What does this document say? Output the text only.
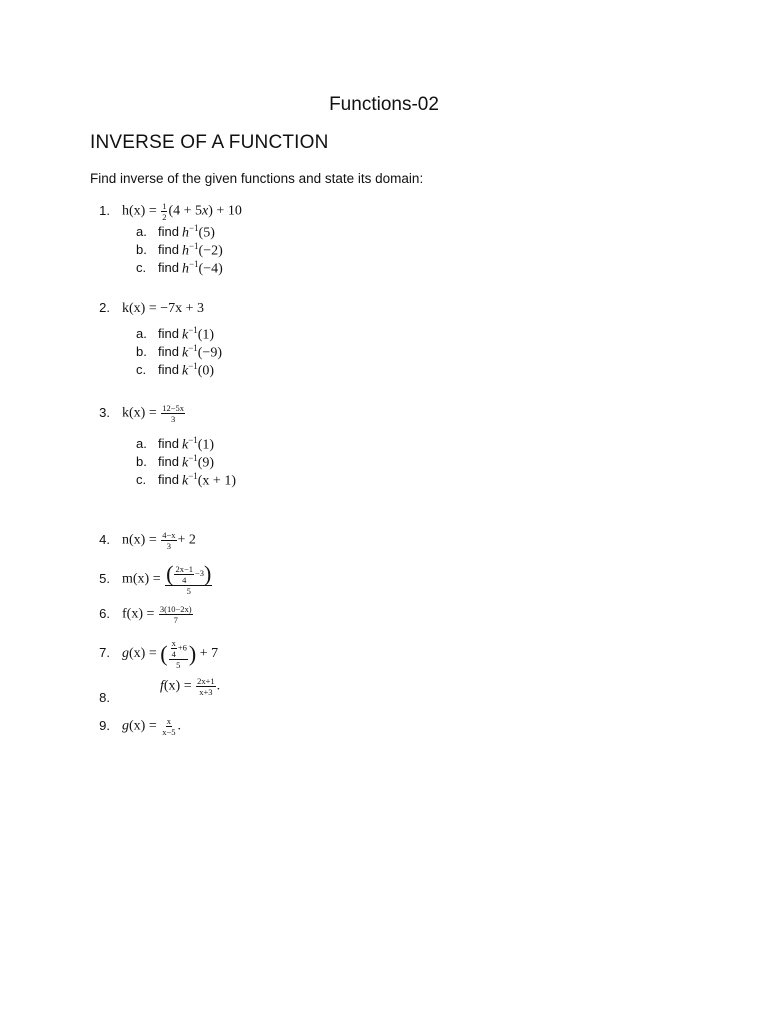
Functions-02
INVERSE OF A FUNCTION
Find inverse of the given functions and state its domain:
1. $h(x) = \frac{1}{2} (4 + 5x) + 10$
a. find $h^{-1}(5)$
b. find $h^{-1}(-2)$
c. find $h^{-1}(-4)$
2. k(x) = −7x + 3
a. find $k^{-1}(1)$
b. find $k^{-1}(-9)$
c. find $k^{-1}(0)$
3. $k(x) = \frac{12-5x}{3}$
a. find $k^{-1}(1)$
b. find $k^{-1}(9)$
c. find $k^{-1}(x + 1)$
4. $n(x) = \frac{4-x}{3} + 2$
5. $m(x) = \frac{( \frac{2x-1}{4} -3)}{5}$
6. $f(x) = \frac{3(10-2x)}{7}$
7. g(x) = ( $\frac{\frac{x}{4} +6}{5}$ ) + 7
8.
$f(x) = \frac{2x+1}{x+3}$ .
9. $g(x) = \frac{x}{x-5}$ .
